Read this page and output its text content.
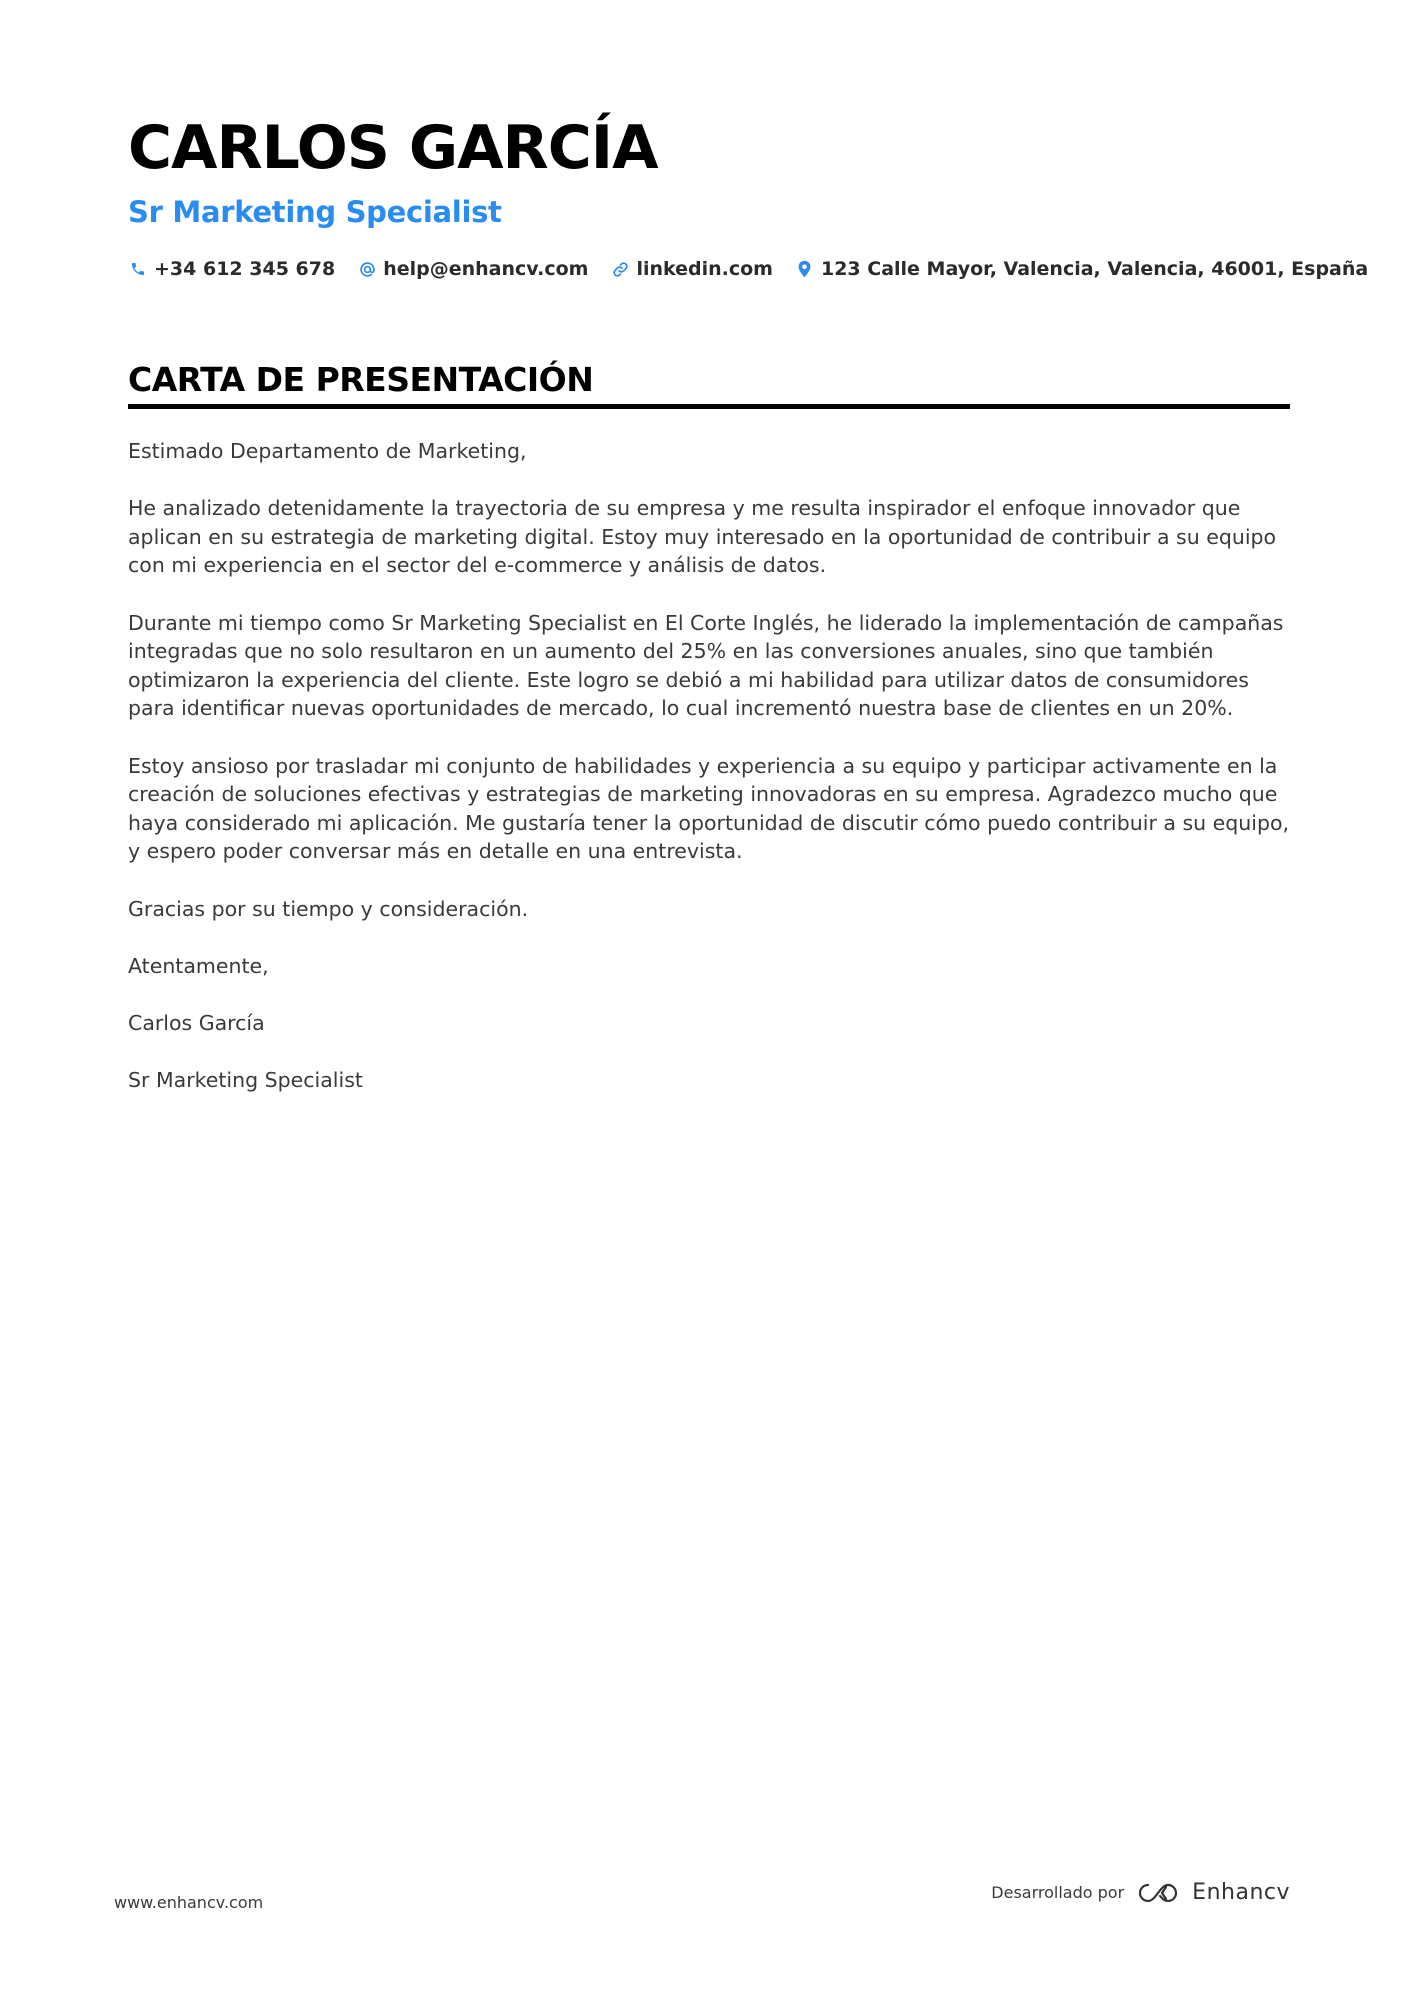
CARLOS GARCÍA
Sr Marketing Specialist
+34 612 345 678	help@enhancv.com	linkedin.com	123 Calle Mayor, Valencia, Valencia, 46001, España
CARTA DE PRESENTACIÓN

Estimado Departamento de Marketing,

He analizado detenidamente la trayectoria de su empresa y me resulta inspirador el enfoque innovador que aplican en su estrategia de marketing digital. Estoy muy interesado en la oportunidad de contribuir a su equipo con mi experiencia en el sector del e-commerce y análisis de datos.

Durante mi tiempo como Sr Marketing Specialist en El Corte Inglés, he liderado la implementación de campañas integradas que no solo resultaron en un aumento del 25% en las conversiones anuales, sino que también optimizaron la experiencia del cliente. Este logro se debió a mi habilidad para utilizar datos de consumidores para identificar nuevas oportunidades de mercado, lo cual incrementó nuestra base de clientes en un 20%.

Estoy ansioso por trasladar mi conjunto de habilidades y experiencia a su equipo y participar activamente en la creación de soluciones efectivas y estrategias de marketing innovadoras en su empresa. Agradezco mucho que haya considerado mi aplicación. Me gustaría tener la oportunidad de discutir cómo puedo contribuir a su equipo, y espero poder conversar más en detalle en una entrevista.

Gracias por su tiempo y consideración.

Atentamente,

Carlos García

Sr Marketing Specialist

www.enhancv.com
Desarrollado por	Enhancv
